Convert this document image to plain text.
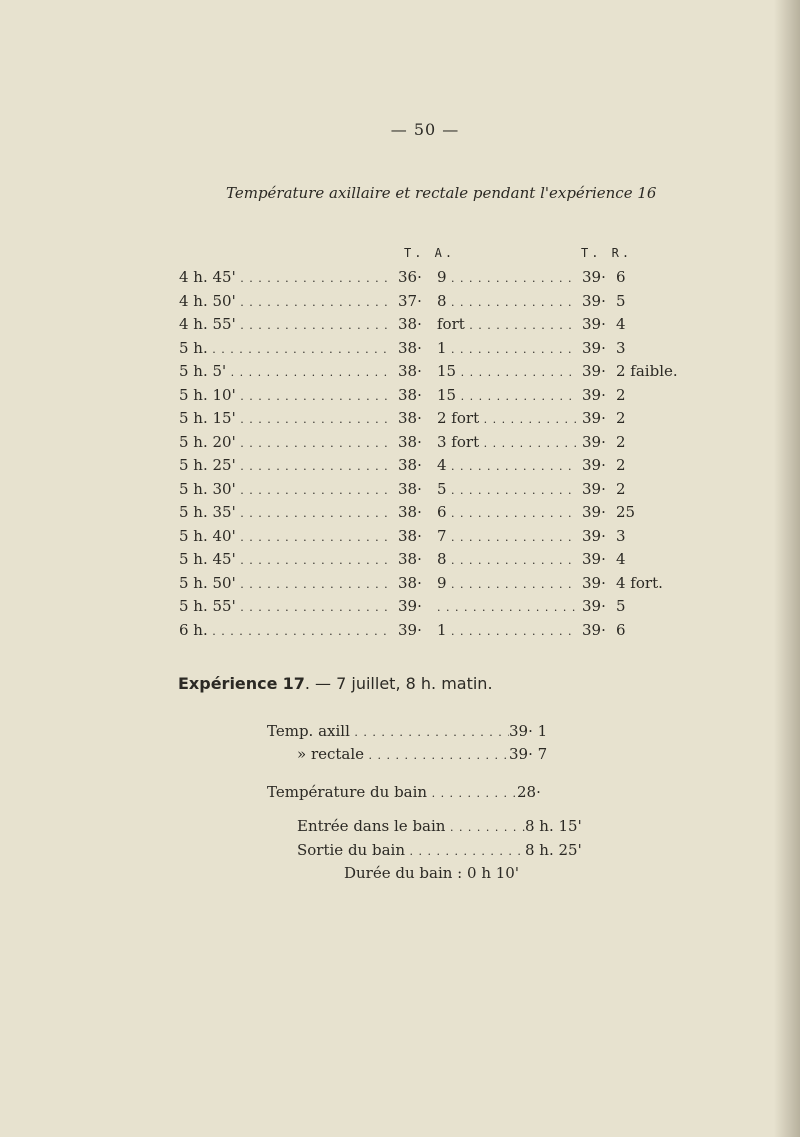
— 50 —
Température axillaire et rectale pendant l'expérience 16
T. A.	T. R.
4 h. 45' . . .	36· 9 . . .	39· 6
4 h. 50' . . .	37· 8 . . .	39· 5
4 h. 55' . . .	38· fort . . .	39· 4
5 h. . . .	38· 1 . . .	39· 3
5 h. 5' . . .	38· 15 . . .	39· 2 faible.
5 h. 10' . . .	38· 15 . . .	39· 2
5 h. 15' . . .	38· 2 fort . . .	39· 2
5 h. 20' . . .	38· 3 fort . . .	39· 2
5 h. 25' . . .	38· 4 . . .	39· 2
5 h. 30' . . .	38· 5 . . .	39· 2
5 h. 35' . . .	38· 6 . . .	39· 25
5 h. 40' . . .	38· 7 . . .	39· 3
5 h. 45' . . .	38· 8 . . .	39· 4
5 h. 50' . . .	38· 9 . . .	39· 4 fort.
5 h. 55' . . .	39·
. . .	39· 5
6 h. . . .	39· 1 . . .	39· 6
Expérience 17. — 7 juillet, 8 h. matin.
Temp. axill . . .	39· 1
» rectale . . .	39· 7
Température du bain . . .	28·
Entrée dans le bain . . .	8 h. 15'
Sortie du bain . . .	8 h. 25'
Durée du bain : 0 h 10'
